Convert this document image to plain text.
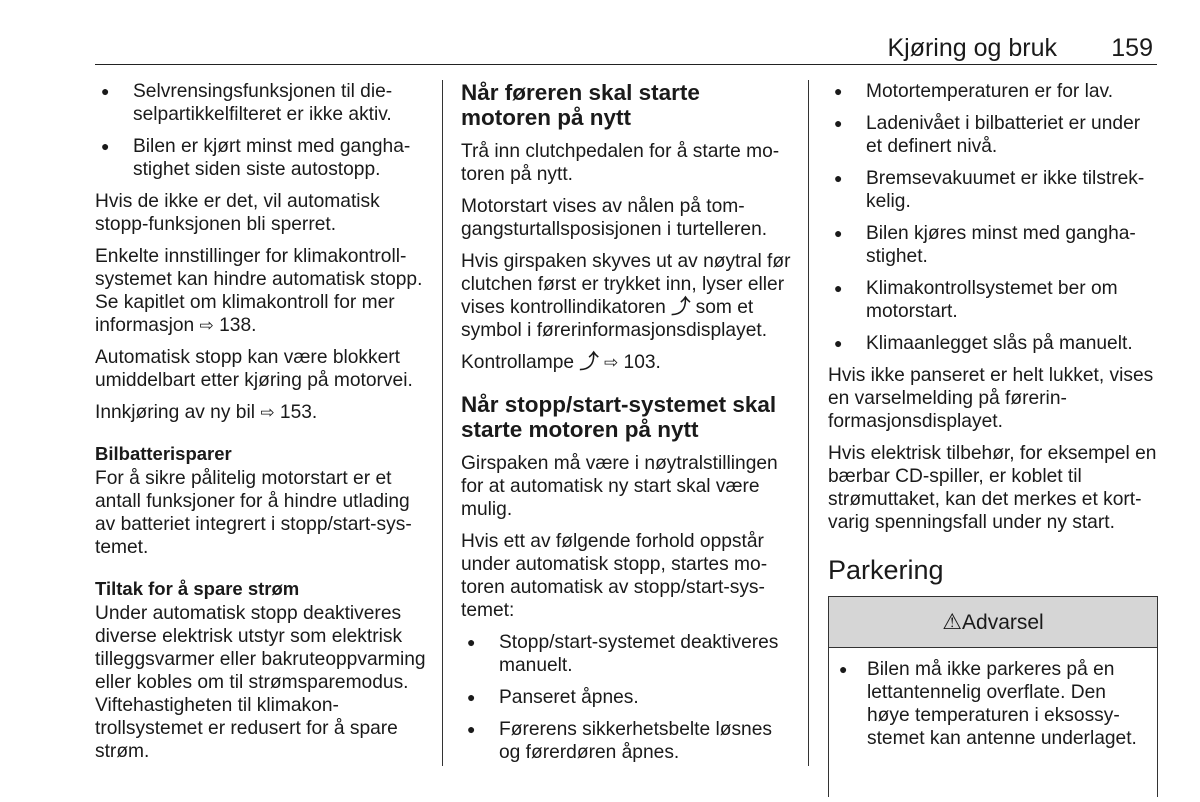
Kjøring og bruk 159
● Selvrensingsfunksjonen til dieselpartikkelfilteret er ikke aktiv.
● Bilen er kjørt minst med ganghastighet siden siste autostopp.

Hvis de ikke er det, vil automatisk stopp-funksjonen bli sperret.

Enkelte innstillinger for klimakontrollsystemet kan hindre automatisk stopp. Se kapitlet om klimakontroll for mer informasjon ⇨ 138.

Automatisk stopp kan være blokkert umiddelbart etter kjøring på motorvei.

Innkjøring av ny bil ⇨ 153.

Bilbatterisparer

For å sikre pålitelig motorstart er et antall funksjoner for å hindre utlading av batteriet integrert i stopp/start-systemet.

Tiltak for å spare strøm

Under automatisk stopp deaktiveres diverse elektrisk utstyr som elektrisk tilleggsvarmer eller bakruteoppvarming eller kobles om til strømsparemodus. Viftehastigheten til klimakontrollsystemet er redusert for å spare strøm.

Når føreren skal starte motoren på nytt

Trå inn clutchpedalen for å starte motoren på nytt.

Motorstart vises av nålen på tomgangsturtallsposisjonen i turtelleren.

Hvis girspaken skyves ut av nøytral før clutchen først er trykket inn, lyser eller vises kontrollindikatoren ⤴ som et symbol i førerinformasjonsdisplayet.

Kontrollampe ⤴ ⇨ 103.

Når stopp/start-systemet skal starte motoren på nytt

Girspaken må være i nøytralstillingen for at automatisk ny start skal være mulig.

Hvis ett av følgende forhold oppstår under automatisk stopp, startes motoren automatisk av stopp/start-systemet:

● Stopp/start-systemet deaktiveres manuelt.
● Panseret åpnes.
● Førerens sikkerhetsbelte løsnes og førerdøren åpnes.
● Motortemperaturen er for lav.
● Ladenivået i bilbatteriet er under et definert nivå.
● Bremsevakuumet er ikke tilstrekkelig.
● Bilen kjøres minst med ganghastighet.
● Klimakontrollsystemet ber om motorstart.
● Klimaanlegget slås på manuelt.

Hvis ikke panseret er helt lukket, vises en varselmelding på førerinformasjonsdisplayet.

Hvis elektrisk tilbehør, for eksempel en bærbar CD-spiller, er koblet til strømuttaket, kan det merkes et kortvarig spenningsfall under ny start.

Parkering
⚠Advarsel
● Bilen må ikke parkeres på en lettantennelig overflate. Den høye temperaturen i eksossystemet kan antenne underlaget.
